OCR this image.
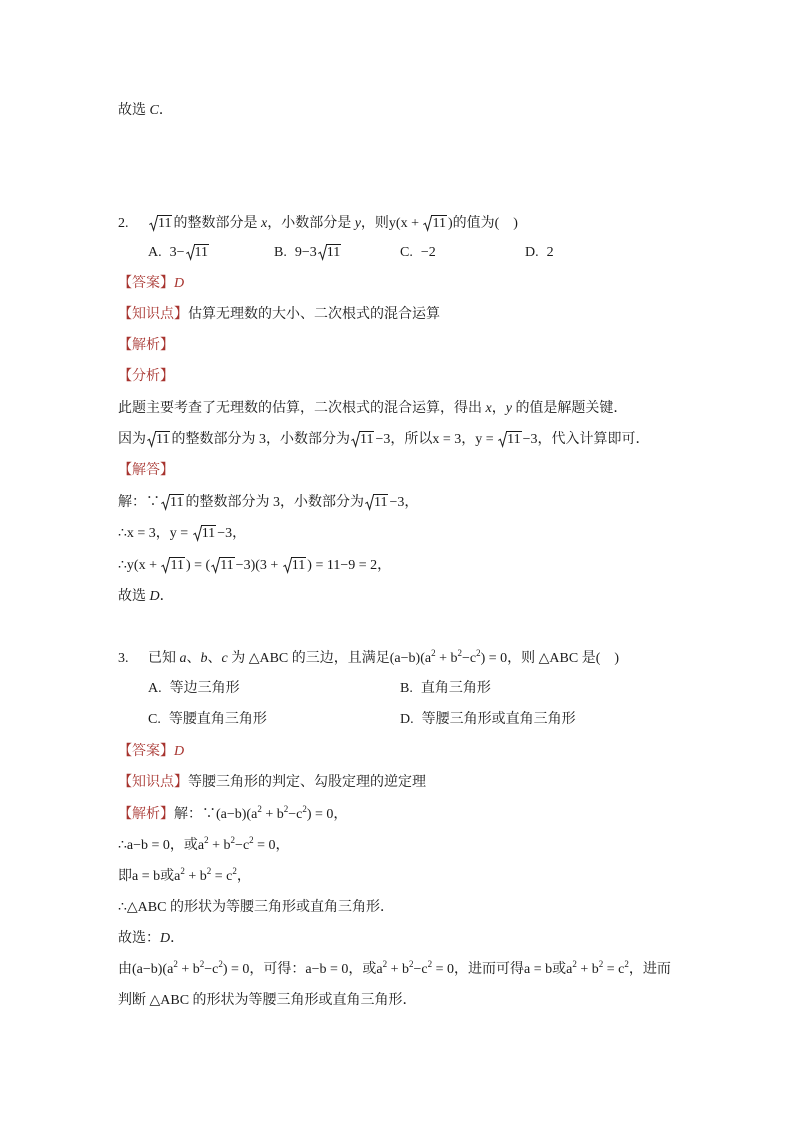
故选 C．
2. 11 的整数部分是 x，小数部分是 y，则y(x +
11 )的值为(　)
A. 3− 11	B. 9−3 11	C. −2	D. 2
【答案】D
【知识点】估算无理数的大小、二次根式的混合运算
【解析】
【分析】
此题主要考查了无理数的估算，二次根式的混合运算，得出 x，y 的值是解题关键．
因为 11 的整数部分为 3，小数部分为 11 −3，所以x = 3，y =
11 −3，代入计算即可．
【解答】
解：∵ 11 的整数部分为 3，小数部分为 11 −3，
∴x = 3，y =
11 −3，
∴y(x +
11 ) = ( 11 −3)(3 +
11 ) = 11−9 = 2，
故选 D．
3. 已知 a、b、c 为 △ABC 的三边，且满足$(a-b)(a^2 + b^2-c^2) = 0$，则 △ABC 是(　)
A. 等边三角形	B. 直角三角形
C. 等腰直角三角形	D. 等腰三角形或直角三角形
【答案】D
【知识点】等腰三角形的判定、勾股定理的逆定理
【解析】解：$\because(a-b)(a^2 + b^2-c^2) = 0$，
∴a−b = 0，或$a^2 + b^2-c^2 = 0$，
即a = b或$a^2 + b^2 = c^2$，
∴△ABC 的形状为等腰三角形或直角三角形．
故选：D．
由$(a-b)(a^2 + b^2-c^2) = 0$，可得：a−b = 0，或$a^2 + b^2-c^2 = 0$，进而可得a = b或$a^2 + b^2 = c^2$，进而
判断 △ABC 的形状为等腰三角形或直角三角形．
